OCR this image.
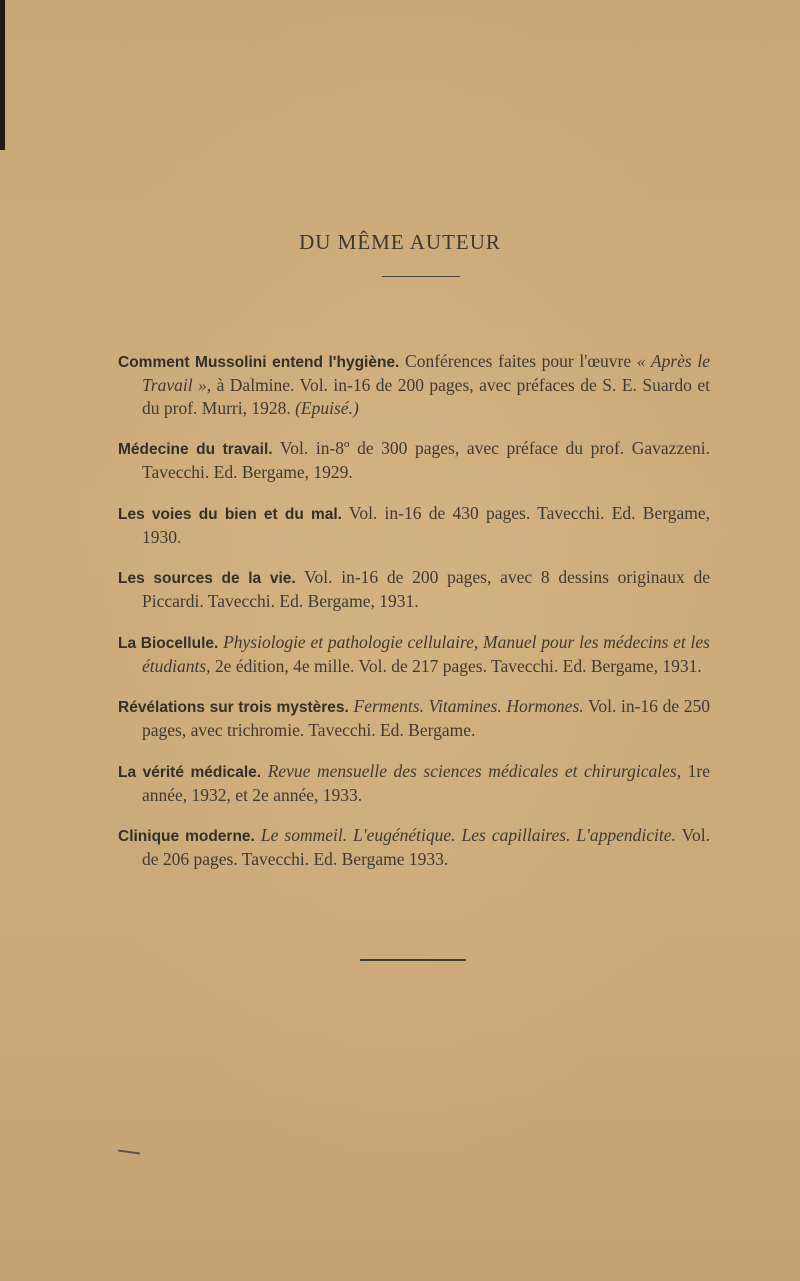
DU MÊME AUTEUR

Comment Mussolini entend l'hygiène. Conférences faites pour l'œuvre « Après le Travail », à Dalmine. Vol. in-16 de 200 pages, avec préfaces de S. E. Suardo et du prof. Murri, 1928. (Epuisé.)

Médecine du travail. Vol. in-8º de 300 pages, avec préface du prof. Gavazzeni. Tavecchi. Ed. Bergame, 1929.

Les voies du bien et du mal. Vol. in-16 de 430 pages. Tavecchi. Ed. Bergame, 1930.

Les sources de la vie. Vol. in-16 de 200 pages, avec 8 dessins originaux de Piccardi. Tavecchi. Ed. Bergame, 1931.

La Biocellule. Physiologie et pathologie cellulaire, Manuel pour les médecins et les étudiants, 2e édition, 4e mille. Vol. de 217 pages. Tavecchi. Ed. Bergame, 1931.

Révélations sur trois mystères. Ferments. Vitamines. Hormones. Vol. in-16 de 250 pages, avec trichromie. Tavecchi. Ed. Bergame.

La vérité médicale. Revue mensuelle des sciences médicales et chirurgicales, 1re année, 1932, et 2e année, 1933.

Clinique moderne. Le sommeil. L'eugénétique. Les capillaires. L'appendicite. Vol. de 206 pages. Tavecchi. Ed. Bergame 1933.
